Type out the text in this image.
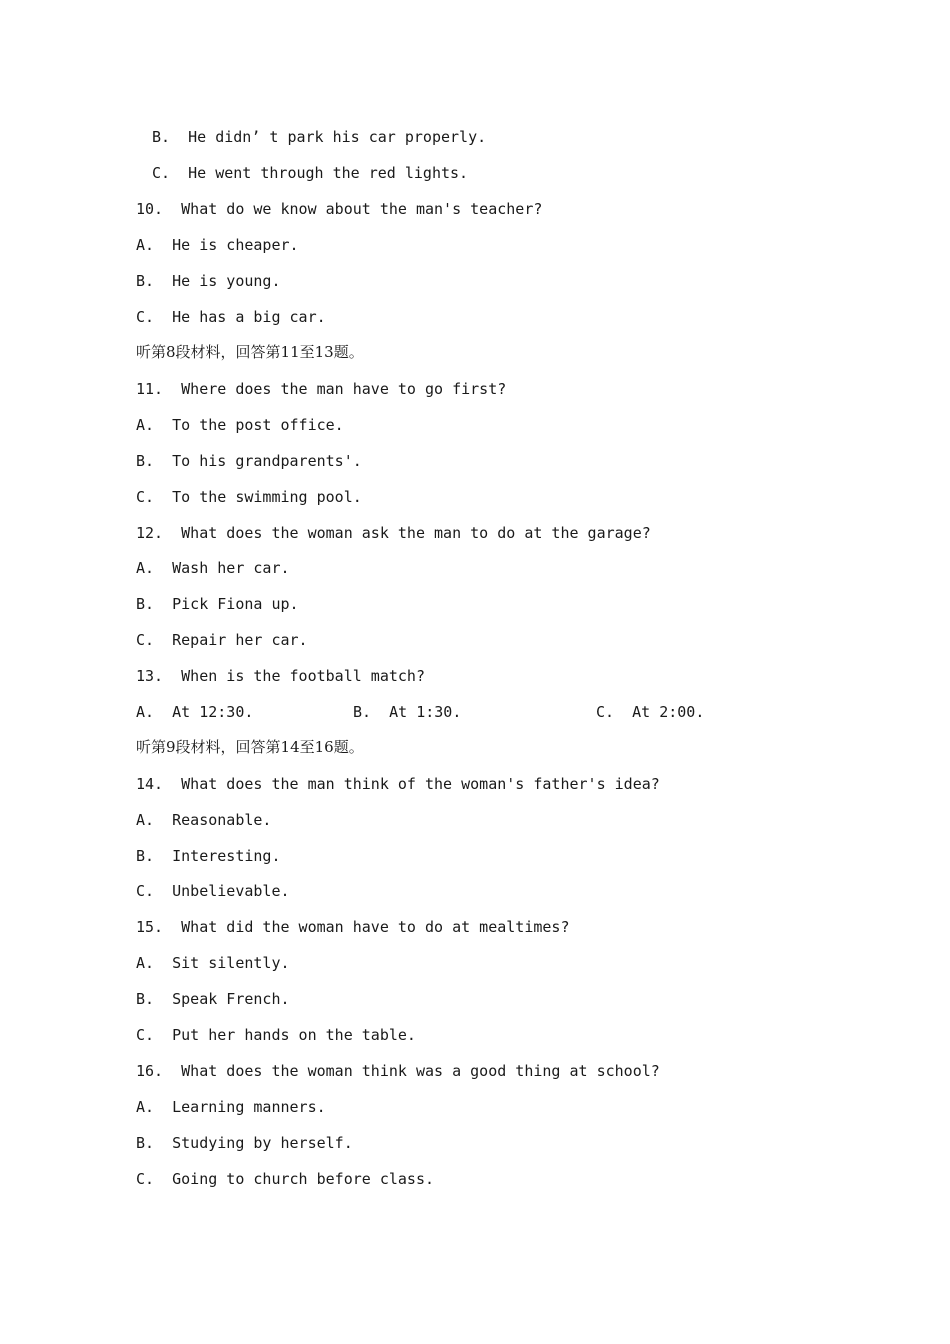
B.  He didn’ t park his car properly.
C.  He went through the red lights.
10.  What do we know about the man's teacher?
A.  He is cheaper.
B.  He is young.
C.  He has a big car.
听第8段材料，回答第11至13题。
11.  Where does the man have to go first?
A.  To the post office.
B.  To his grandparents'.
C.  To the swimming pool.
12.  What does the woman ask the man to do at the garage?
A.  Wash her car.
B.  Pick Fiona up.
C.  Repair her car.
13.  When is the football match?
A.  At 12:30.	B.  At 1:30.	C.  At 2:00.
听第9段材料，回答第14至16题。
14.  What does the man think of the woman's father's idea?
A.  Reasonable.
B.  Interesting.
C.  Unbelievable.
15.  What did the woman have to do at mealtimes?
A.  Sit silently.
B.  Speak French.
C.  Put her hands on the table.
16.  What does the woman think was a good thing at school?
A.  Learning manners.
B.  Studying by herself.
C.  Going to church before class.
